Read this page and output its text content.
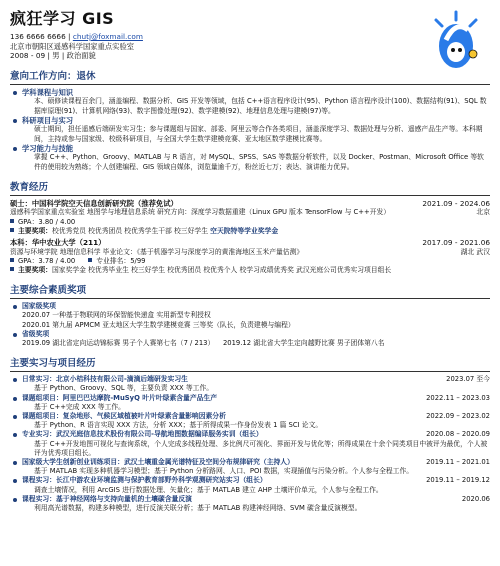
疯狂学习 GIS
136 6666 6666 | chutj@foxmail.com
北京市朝阳区遥感科学国家重点实验室
2008 - 09 | 男 | 政治面貌
意向工作方向：退休
学科课程与知识
本、硕修读课程百余门，涵盖编程、数据分析、GIS 开发等领域，包括 C++语言程序设计(95)、Python 语言程序设计(100)、数据结构(91)、SQL 数据库原理(91)、计算机网络(93)、数字图像处理(92)、数学建模(92)、地理信息处理与建模(97)等。
科研项目与实习
硕士期间，担任遥感后端研发实习生；参与课题组与国家、部委、阿里云等合作各类项目，涵盖深度学习、数据处理与分析、遥感产品生产等。本科期间，主持或参与国家级、校级科研项目，与全国大学生数学建模竞赛、亚太地区数学建模比赛等。
学习能力与技能
掌握 C++、Python、Groovy、MATLAB 与 R 语言，对 MySQL、SPSS、SAS 等数据分析软件，以及 Docker、Postman、Microsoft Office 等软件的使用较为熟练；个人创建编程、GIS 领域自媒体，浏览量逾千万，粉丝近七万；表达、演讲能力优异。
教育经历
硕士：中国科学院空天信息创新研究院（推荐免试）	2021.09 - 2024.06
遥感科学国家重点实验室 地图学与地理信息系统 研究方向：深度学习数据重建（Linux GPU 版本 TensorFlow 与 C++开发）	北京
GPA：3.80 / 4.00
主要奖项：校优秀党员 校优秀团员 校优秀学生干部 校三好学生 空天院特等学业奖学金
本科：华中农业大学（211）	2017.09 - 2021.06
资源与环境学院 地理信息科学 毕业论文：《基于机器学习与深度学习的黄淮海地区玉米产量估测》	湖北 武汉
GPA：3.78 / 4.00	专业排名：5/99
主要奖项：国家奖学金 校优秀毕业生 校三好学生 校优秀团员 校优秀个人 校学习成绩优秀奖 武汉光庭公司优秀实习项目组长
主要综合素质奖项
国家级奖项
2020.07 一种基于物联网的环保智能快递盒 实用新型专利授权
2020.01 第九届 APMCM 亚太地区大学生数学建模竞赛 三等奖（队长，负责建模与编程）
省级奖项
2019.09 湖北省定向运动锦标赛 男子个人赛第七名（7 / 213） 2019.12 湖北省大学生定向越野比赛 男子团体第八名
主要实习与项目经历
日常实习：北京小桔科技有限公司-滴滴后端研发实习生	2023.07 至今
基于 Python、Groovy、SQL 等，主要负责 XXX 等工作。
课题组项目：阿里巴巴达摩院-MuSyQ 叶片叶绿素含量产品生产	2022.11 – 2023.03
基于 C++完成 XXX 等工作。
课题组项目：复杂地形、气候区域植被叶片叶绿素含量影响因素分析	2022.09 – 2023.02
基于 Python、R 语言实现 XXX 方法，分析 XXX；基于所得成果一作身份发表 1 篇 SCI 论文。
专业实习：武汉光庭信息技术股份有限公司-导航地图数据编译服务实训（组长）	2020.08 – 2020.09
基于 C++开发地图可视化与查询系统，个人完成多线程处理、多比例尺可视化、界面开发与优化等；所得成果在十余个同类项目中被评为最优，个人被评为优秀项目组长。
国家级大学生创新创业训练项目：武汉土壤重金属光谱特征及空间分布规律研究（主持人）	2019.11 – 2021.01
基于 MATLAB 实现多种机器学习模型；基于 Python 分析路网、人口、POI 数据，实现插值与污染分析。个人参与全程工作。
课程实习：长江中游农业环境监测与保护教育部野外科学观测研究站实习（组长）	2019.11 – 2019.12
调查土壤情况，利用 ArcGIS 进行数据处理、矢量化；基于 MATLAB 建立 AHP 土壤评价单元，个人参与全程工作。
课程实习：基于神经网络与支持向量机的土壤碳含量反演	2020.06
利用高光谱数据，构建多种模型，进行反演关联分析；基于 MATLAB 构建神经网络、SVM 碳含量反演模型。
